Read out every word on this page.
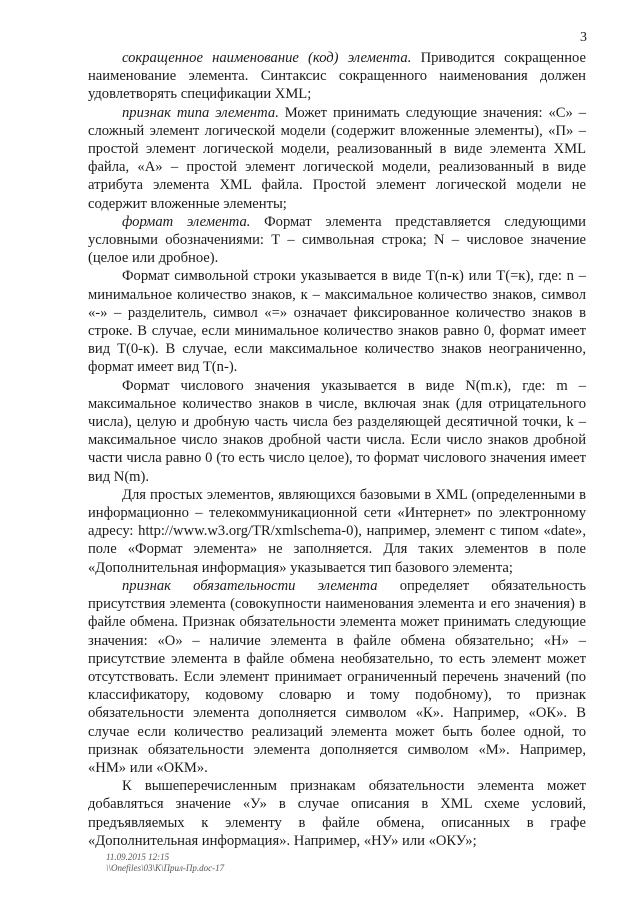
3

сокращенное наименование (код) элемента. Приводится сокращенное наименование элемента. Синтаксис сокращенного наименования должен удовлетворять спецификации XML;

признак типа элемента. Может принимать следующие значения: «С» – сложный элемент логической модели (содержит вложенные элементы), «П» – простой элемент логической модели, реализованный в виде элемента XML файла, «А» – простой элемент логической модели, реализованный в виде атрибута элемента XML файла. Простой элемент логической модели не содержит вложенные элементы;

формат элемента. Формат элемента представляется следующими условными обозначениями: Т – символьная строка; N – числовое значение (целое или дробное).

Формат символьной строки указывается в виде Т(n-к) или Т(=к), где: n – минимальное количество знаков, к – максимальное количество знаков, символ «-» – разделитель, символ «=» означает фиксированное количество знаков в строке. В случае, если минимальное количество знаков равно 0, формат имеет вид Т(0-к). В случае, если максимальное количество знаков неограниченно, формат имеет вид Т(n-).

Формат числового значения указывается в виде N(m.к), где: m – максимальное количество знаков в числе, включая знак (для отрицательного числа), целую и дробную часть числа без разделяющей десятичной точки, k – максимальное число знаков дробной части числа. Если число знаков дробной части числа равно 0 (то есть число целое), то формат числового значения имеет вид N(m).

Для простых элементов, являющихся базовыми в XML (определенными в информационно – телекоммуникационной сети «Интернет» по электронному адресу: http://www.w3.org/TR/xmlschema-0), например, элемент с типом «date», поле «Формат элемента» не заполняется. Для таких элементов в поле «Дополнительная информация» указывается тип базового элемента;

признак обязательности элемента определяет обязательность присутствия элемента (совокупности наименования элемента и его значения) в файле обмена. Признак обязательности элемента может принимать следующие значения: «О» – наличие элемента в файле обмена обязательно; «Н» – присутствие элемента в файле обмена необязательно, то есть элемент может отсутствовать. Если элемент принимает ограниченный перечень значений (по классификатору, кодовому словарю и тому подобному), то признак обязательности элемента дополняется символом «К». Например, «ОК». В случае если количество реализаций элемента может быть более одной, то признак обязательности элемента дополняется символом «М». Например, «НМ» или «ОКМ».

К вышеперечисленным признакам обязательности элемента может добавляться значение «У» в случае описания в XML схеме условий, предъявляемых к элементу в файле обмена, описанных в графе «Дополнительная информация». Например, «НУ» или «ОКУ»;

11.09.2015 12:15
\\Onefiles\03\К\Прил-Пр.doc-17
